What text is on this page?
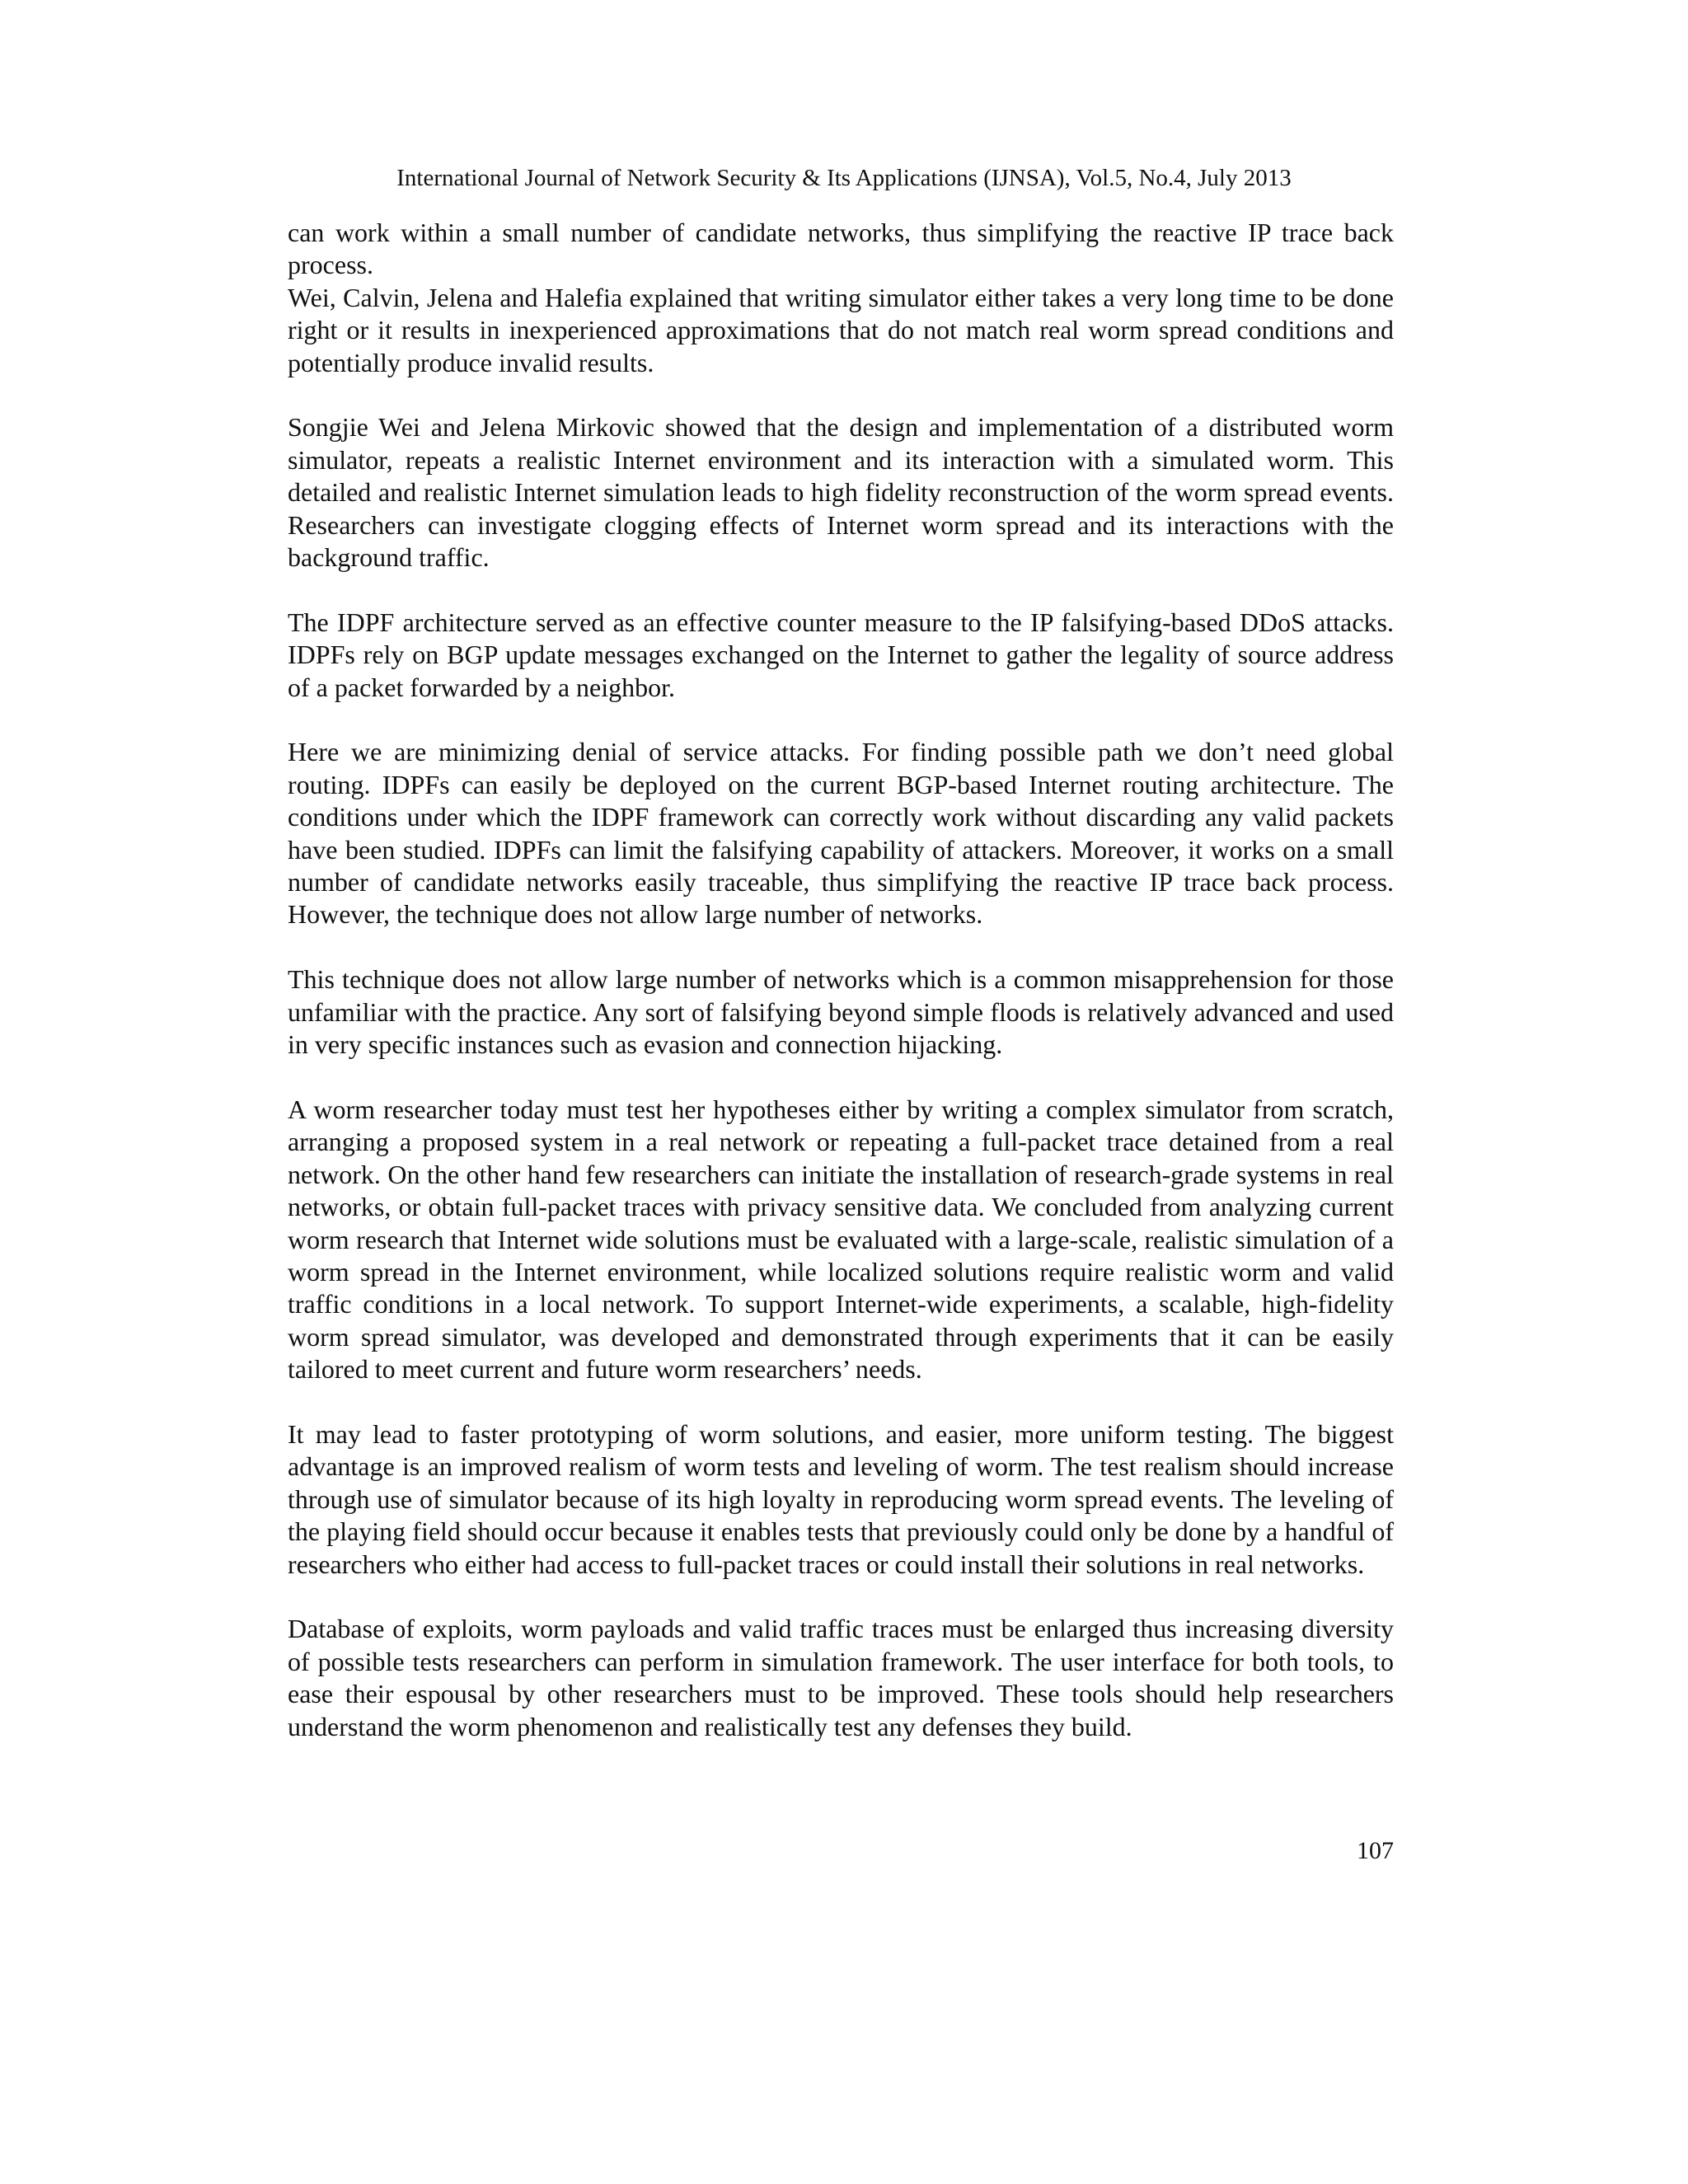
International Journal of Network Security & Its Applications (IJNSA), Vol.5, No.4, July 2013

can work within a small number of candidate networks, thus simplifying the reactive IP trace back process.

Wei, Calvin, Jelena and Halefia explained that writing simulator either takes a very long time to be done right or it results in inexperienced approximations that do not match real worm spread conditions and potentially produce invalid results.

Songjie Wei and Jelena Mirkovic showed that the design and implementation of a distributed worm simulator, repeats a realistic Internet environment and its interaction with a simulated worm. This detailed and realistic Internet simulation leads to high fidelity reconstruction of the worm spread events. Researchers can investigate clogging effects of Internet worm spread and its interactions with the background traffic.

The IDPF architecture served as an effective counter measure to the IP falsifying-based DDoS attacks. IDPFs rely on BGP update messages exchanged on the Internet to gather the legality of source address of a packet forwarded by a neighbor.

Here we are minimizing denial of service attacks. For finding possible path we don’t need global routing. IDPFs can easily be deployed on the current BGP-based Internet routing architecture. The conditions under which the IDPF framework can correctly work without discarding any valid packets have been studied. IDPFs can limit the falsifying capability of attackers. Moreover, it works on a small number of candidate networks easily traceable, thus simplifying the reactive IP trace back process. However, the technique does not allow large number of networks.

This technique does not allow large number of networks which is a common misapprehension for those unfamiliar with the practice. Any sort of falsifying beyond simple floods is relatively advanced and used in very specific instances such as evasion and connection hijacking.

A worm researcher today must test her hypotheses either by writing a complex simulator from scratch, arranging a proposed system in a real network or repeating a full-packet trace detained from a real network. On the other hand few researchers can initiate the installation of research-grade systems in real networks, or obtain full-packet traces with privacy sensitive data. We concluded from analyzing current worm research that Internet wide solutions must be evaluated with a large-scale, realistic simulation of a worm spread in the Internet environment, while localized solutions require realistic worm and valid traffic conditions in a local network. To support Internet-wide experiments, a scalable, high-fidelity worm spread simulator, was developed and demonstrated through experiments that it can be easily tailored to meet current and future worm researchers’ needs.

It may lead to faster prototyping of worm solutions, and easier, more uniform testing. The biggest advantage is an improved realism of worm tests and leveling of worm. The test realism should increase through use of simulator because of its high loyalty in reproducing worm spread events. The leveling of the playing field should occur because it enables tests that previously could only be done by a handful of researchers who either had access to full-packet traces or could install their solutions in real networks.

Database of exploits, worm payloads and valid traffic traces must be enlarged thus increasing diversity of possible tests researchers can perform in simulation framework. The user interface for both tools, to ease their espousal by other researchers must to be improved. These tools should help researchers understand the worm phenomenon and realistically test any defenses they build.

107
